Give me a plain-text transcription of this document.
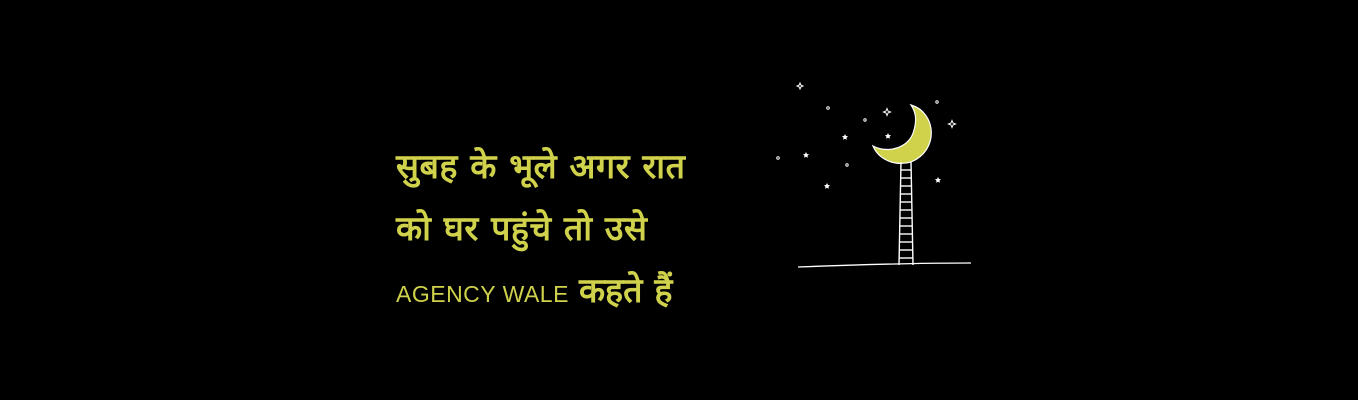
सुबह के भूले अगर रात
को घर पहुंचे तो उसे
AGENCY WALE कहते हैं
